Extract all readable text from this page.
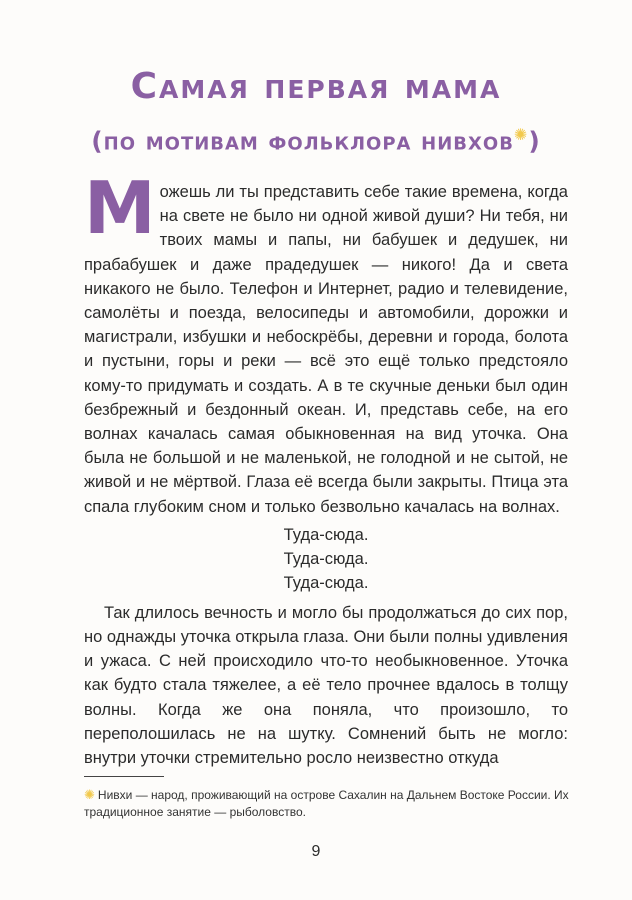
Самая первая мама
(по мотивам фольклора нивхов✺)

Можешь ли ты представить себе такие времена, когда на свете не было ни одной живой души? Ни тебя, ни твоих мамы и папы, ни бабушек и дедушек, ни прабабушек и даже прадедушек — никого! Да и света никакого не было. Телефон и Интернет, радио и телевидение, самолёты и поезда, велосипеды и автомобили, дорожки и магистрали, избушки и небоскрёбы, деревни и города, болота и пустыни, горы и реки — всё это ещё только предстояло кому-то придумать и создать. А в те скучные деньки был один безбрежный и бездонный океан. И, представь себе, на его волнах качалась самая обыкновенная на вид уточка. Она была не большой и не маленькой, не голодной и не сытой, не живой и не мёртвой. Глаза её всегда были закрыты. Птица эта спала глубоким сном и только безвольно качалась на волнах.

Туда-сюда.
Туда-сюда.
Туда-сюда.

Так длилось вечность и могло бы продолжаться до сих пор, но однажды уточка открыла глаза. Они были полны удивления и ужаса. С ней происходило что-то необыкновенное. Уточка как будто стала тяжелее, а её тело прочнее вдалось в толщу волны. Когда же она поняла, что произошло, то переполошилась не на шутку. Сомнений быть не могло: внутри уточки стремительно росло неизвестно откуда

✺ Нивхи — народ, проживающий на острове Сахалин на Дальнем Востоке России. Их традиционное занятие — рыболовство.
9
